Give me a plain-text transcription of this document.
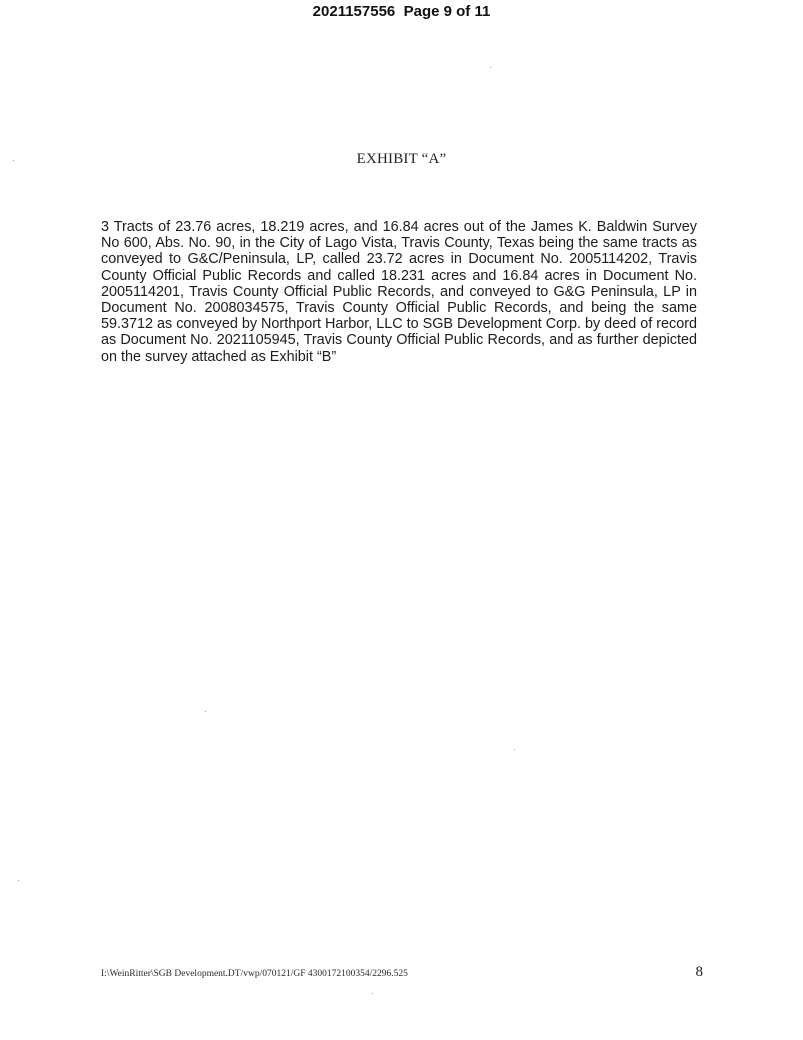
2021157556  Page 9 of 11
EXHIBIT “A”

3 Tracts of 23.76 acres, 18.219 acres, and 16.84 acres out of the James K. Baldwin Survey No 600, Abs. No. 90, in the City of Lago Vista, Travis County, Texas being the same tracts as conveyed to G&C/Peninsula, LP, called 23.72 acres in Document No. 2005114202, Travis County Official Public Records and called 18.231 acres and 16.84 acres in Document No. 2005114201, Travis County Official Public Records, and conveyed to G&G Peninsula, LP in Document No. 2008034575, Travis County Official Public Records, and being the same 59.3712 as conveyed by Northport Harbor, LLC to SGB Development Corp. by deed of record as Document No. 2021105945, Travis County Official Public Records, and as further depicted on the survey attached as Exhibit “B”

I:\WeinRitter\SGB Development.DT/vwp/070121/GF 4300172100354/2296.525	8
